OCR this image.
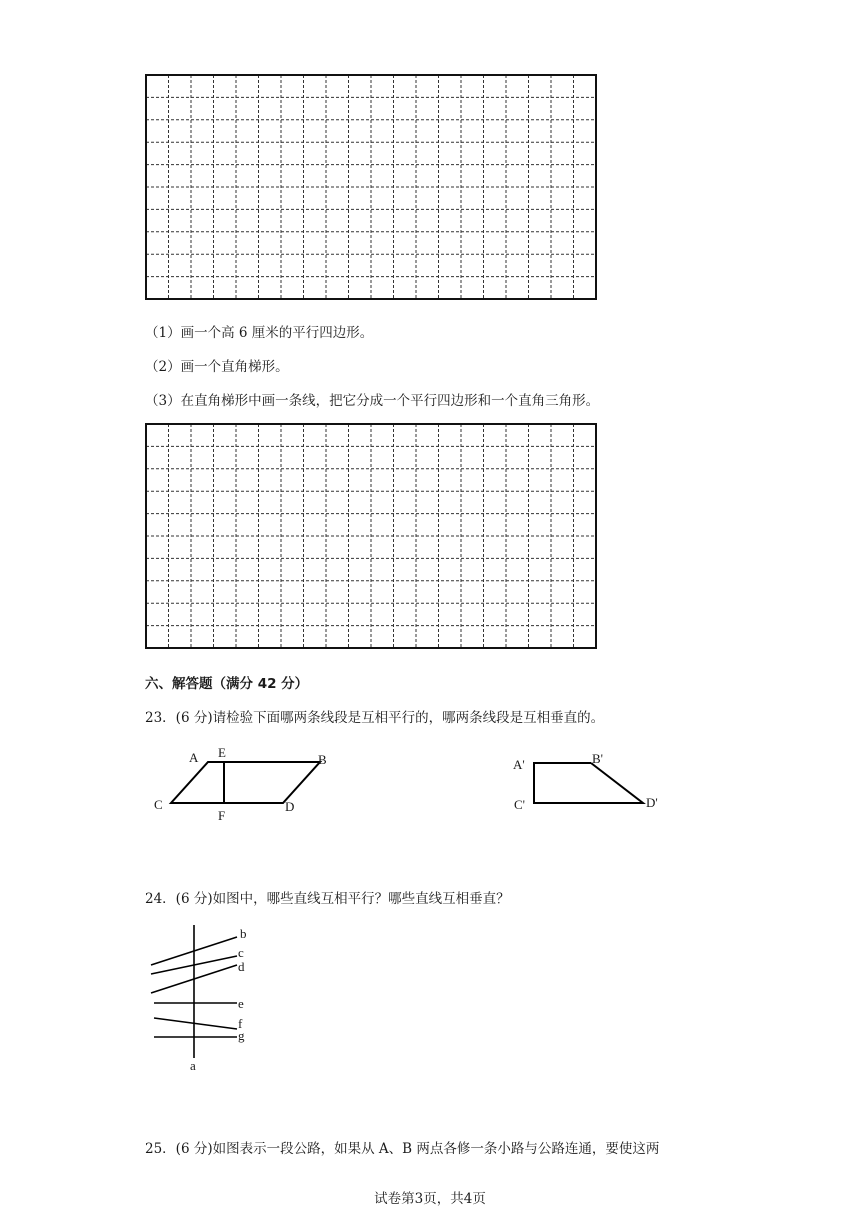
（1）画一个高 6 厘米的平行四边形。
（2）画一个直角梯形。
（3）在直角梯形中画一条线，把它分成一个平行四边形和一个直角三角形。
六、解答题（满分 42 分）
23．(6 分)请检验下面哪两条线段是互相平行的，哪两条线段是互相垂直的。
A E	B
C
F
D
A'	B'
C'	D'
24．(6 分)如图中，哪些直线互相平行？哪些直线互相垂直？
b
c
d
e
f
g
a
25．(6 分)如图表示一段公路，如果从 A、B 两点各修一条小路与公路连通，要使这两
试卷第3页，共4页
